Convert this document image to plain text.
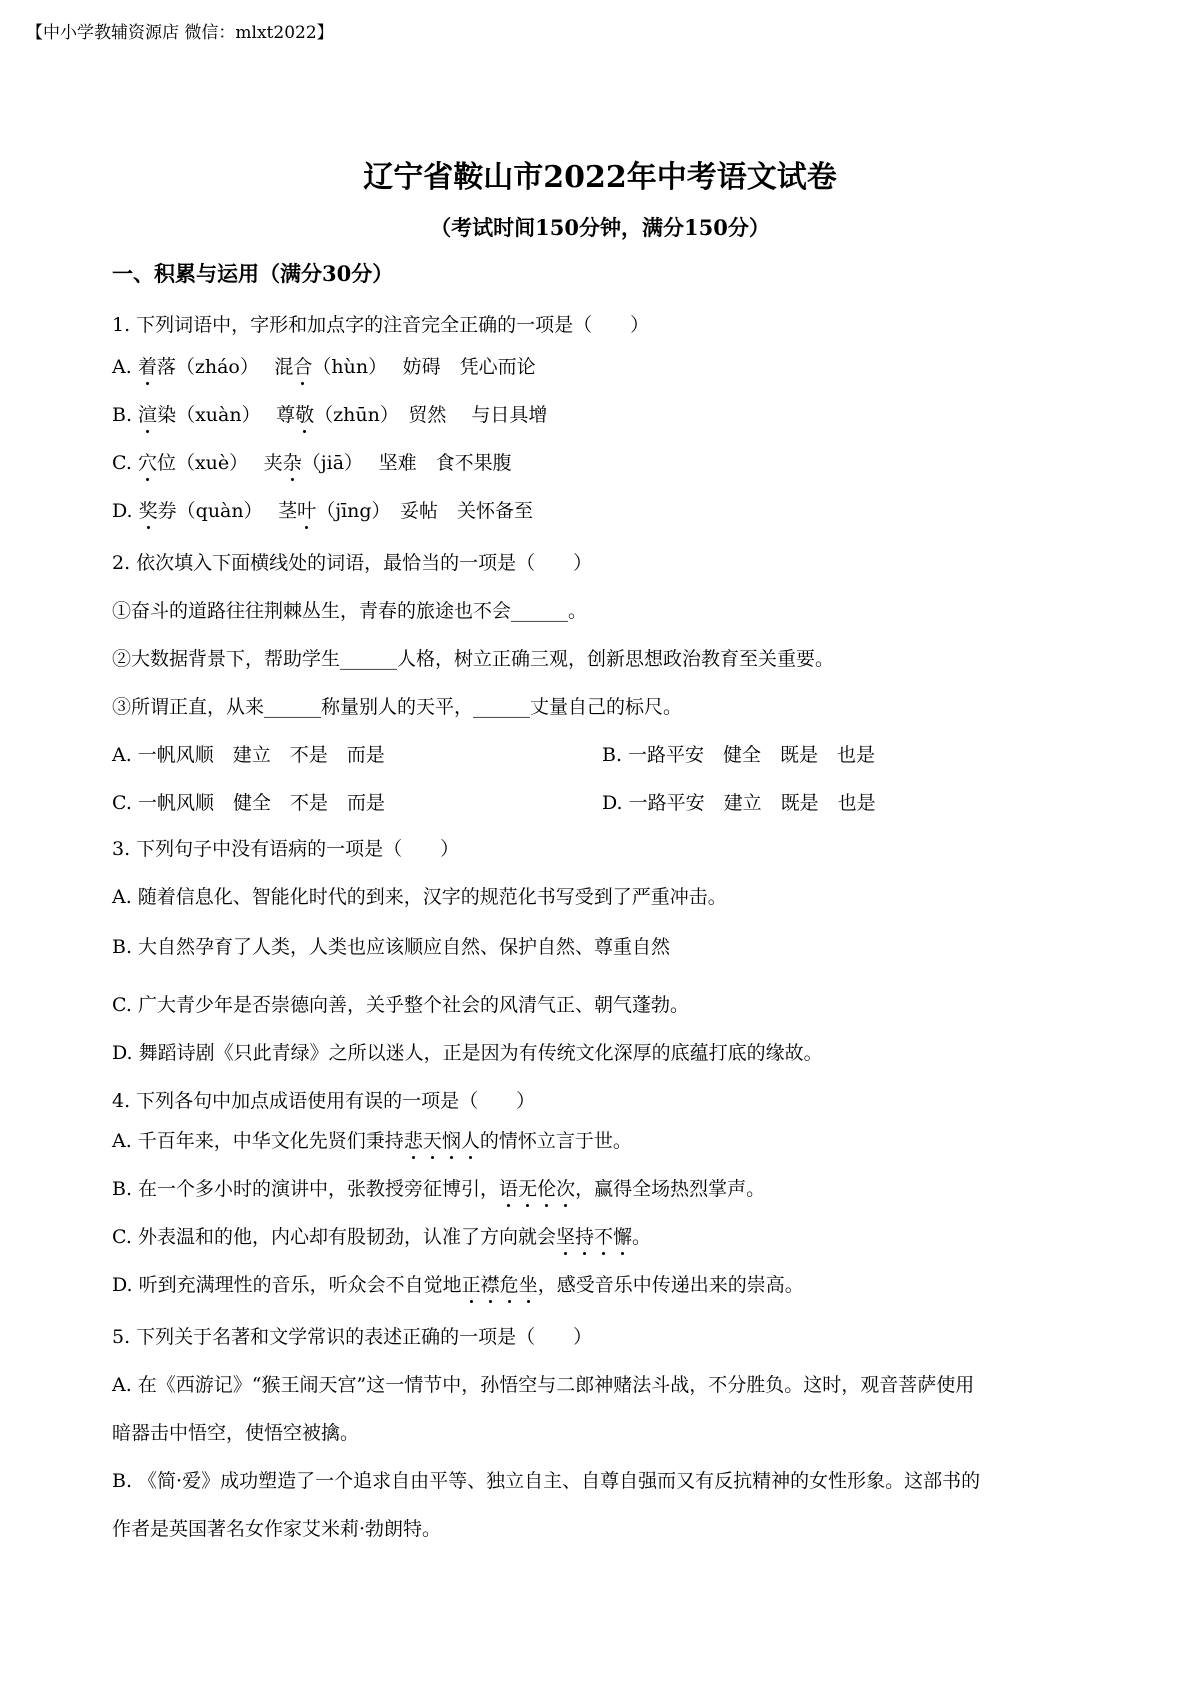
【中小学教辅资源店 微信：mlxt2022】
辽宁省鞍山市2022年中考语文试卷
（考试时间150分钟，满分150分）
一、积累与运用（满分30分）
1. 下列词语中，字形和加点字的注音完全正确的一项是（　　）
A. 着落（zháo）　 混合（hùn）　 妨碍　凭心而论
B. 渲染（xuàn）　 尊敬（zhūn）　贸然　 与日具增
C. 穴位（xuè）　 夹杂（jiā）　 坚难　食不果腹
D. 奖券（quàn）　 茎叶（jīng）　妥帖　关怀备至
2. 依次填入下面横线处的词语，最恰当的一项是（　　）
①奋斗的道路往往荆棘丛生，青春的旅途也不会______。
②大数据背景下，帮助学生______人格，树立正确三观，创新思想政治教育至关重要。
③所谓正直，从来______称量别人的天平，______丈量自己的标尺。
A. 一帆风顺　建立　不是　而是	B. 一路平安　健全　既是　也是
C. 一帆风顺　健全　不是　而是	D. 一路平安　建立　既是　也是
3. 下列句子中没有语病的一项是（　　）
A. 随着信息化、智能化时代的到来，汉字的规范化书写受到了严重冲击。
B. 大自然孕育了人类，人类也应该顺应自然、保护自然、尊重自然
C. 广大青少年是否崇德向善，关乎整个社会的风清气正、朝气蓬勃。
D. 舞蹈诗剧《只此青绿》之所以迷人，正是因为有传统文化深厚的底蕴打底的缘故。
4. 下列各句中加点成语使用有误的一项是（　　）
A. 千百年来，中华文化先贤们秉持悲天悯人的情怀立言于世。
B. 在一个多小时的演讲中，张教授旁征博引，语无伦次，赢得全场热烈掌声。
C. 外表温和的他，内心却有股韧劲，认准了方向就会坚持不懈。
D. 听到充满理性的音乐，听众会不自觉地正襟危坐，感受音乐中传递出来的崇高。
5. 下列关于名著和文学常识的表述正确的一项是（　　）
A. 在《西游记》“猴王闹天宫”这一情节中，孙悟空与二郎神赌法斗战，不分胜负。这时，观音菩萨使用
暗器击中悟空，使悟空被擒。
B. 《简·爱》成功塑造了一个追求自由平等、独立自主、自尊自强而又有反抗精神的女性形象。这部书的
作者是英国著名女作家艾米莉·勃朗特。
